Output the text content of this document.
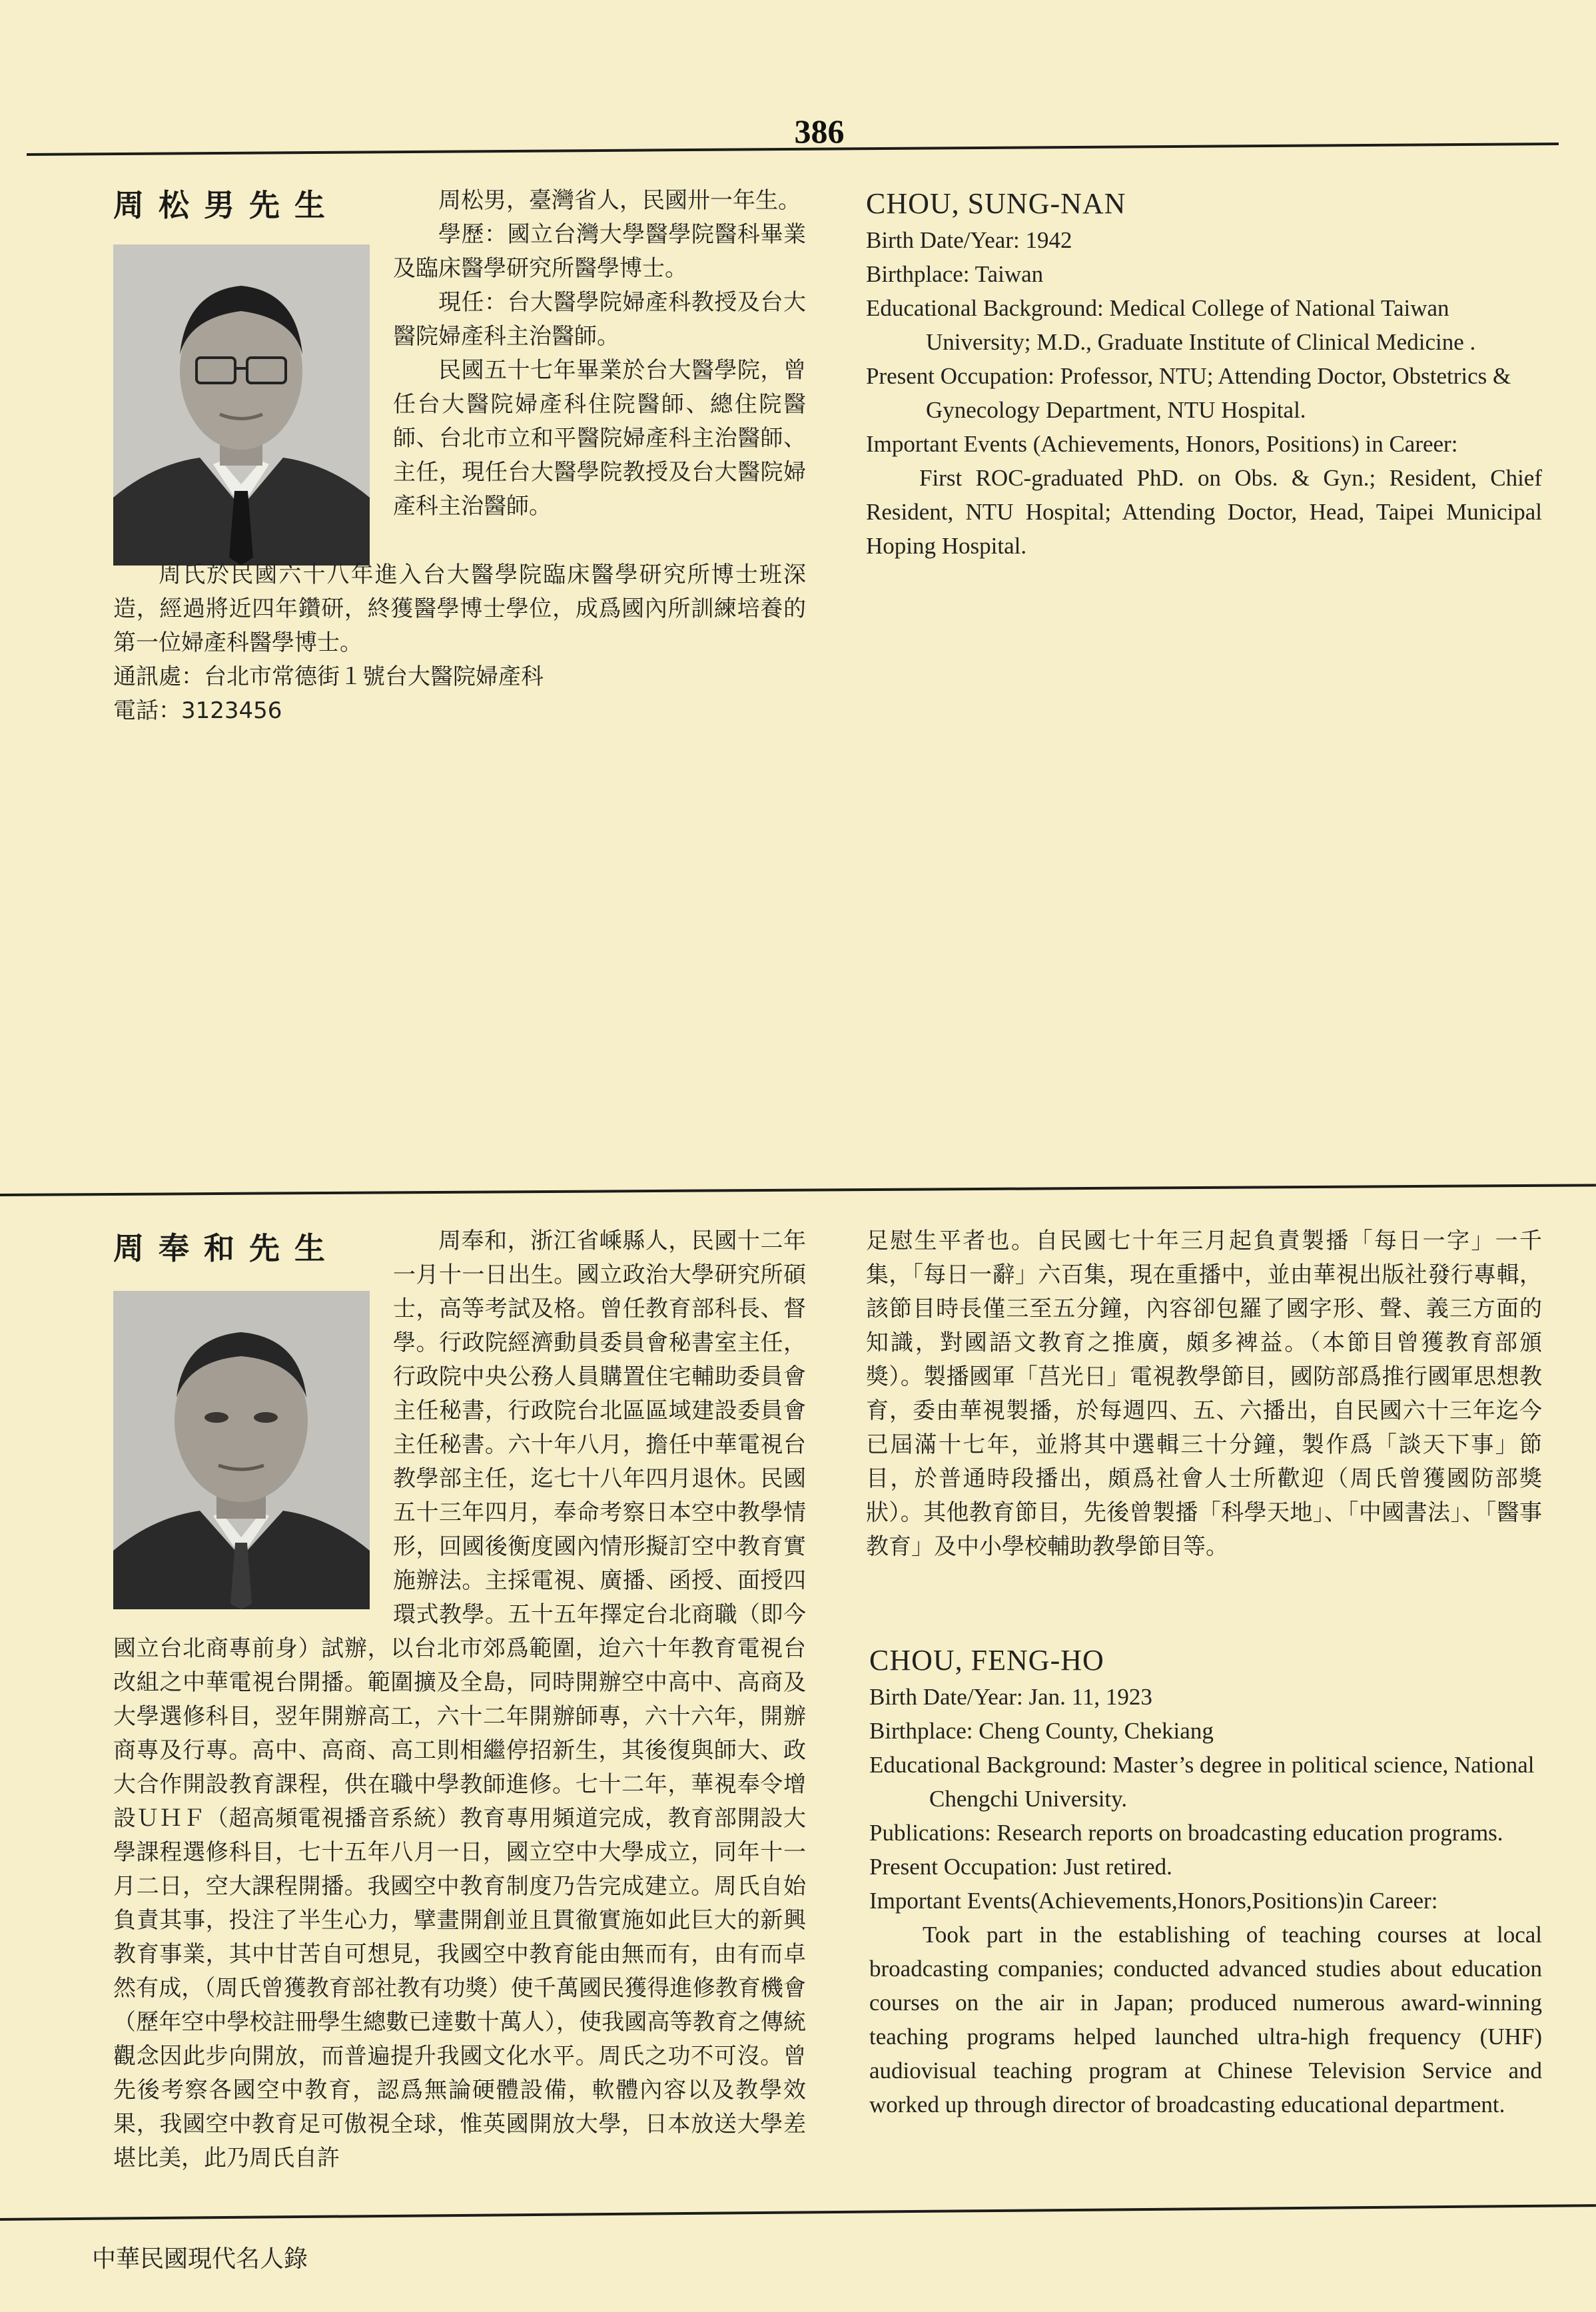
386
周松男先生	周松男，臺灣省人，民國卅一年生。

學歷：國立台灣大學醫學院醫科畢業及臨床醫學研究所醫學博士。

現任：台大醫學院婦產科教授及台大醫院婦產科主治醫師。

民國五十七年畢業於台大醫學院，曾任台大醫院婦產科住院醫師、總住院醫師、台北市立和平醫院婦產科主治醫師、主任，現任台大醫學院教授及台大醫院婦產科主治醫師。

周氏於民國六十八年進入台大醫學院臨床醫學研究所博士班深造，經過將近四年鑽研，終獲醫學博士學位，成爲國內所訓練培養的第一位婦產科醫學博士。

通訊處：台北市常德街１號台大醫院婦產科
電話：3123456
CHOU, SUNG-NAN
Birth Date/Year: 1942
Birthplace: Taiwan
Educational Background: Medical College of National Taiwan University; M.D., Graduate Institute of Clinical Medicine .
Present Occupation: Professor, NTU; Attending Doctor, Obstetrics & Gynecology Department, NTU Hospital.
Important Events (Achievements, Honors, Positions) in Career:
First ROC-graduated PhD. on Obs. & Gyn.; Resident, Chief Resident, NTU Hospital; Attending Doctor, Head, Taipei Municipal Hoping Hospital.
周奉和先生	周奉和，浙江省嵊縣人，民國十二年一月十一日出生。國立政治大學研究所碩士，高等考試及格。曾任教育部科長、督學。行政院經濟動員委員會秘書室主任，行政院中央公務人員購置住宅輔助委員會主任秘書，行政院台北區區域建設委員會主任秘書。六十年八月，擔任中華電視台教學部主任，迄七十八年四月退休。民國五十三年四月，奉命考察日本空中教學情形，回國後衡度國內情形擬訂空中教育實施辦法。主採電視、廣播、函授、面授四環式教學。五十五年擇定台北商職（即今國立台北商專前身）試辦，以台北市郊爲範圍，迨六十年教育電視台改組之中華電視台開播。範圍擴及全島，同時開辦空中高中、高商及大學選修科目，翌年開辦高工，六十二年開辦師專，六十六年，開辦商專及行專。高中、高商、高工則相繼停招新生，其後復與師大、政大合作開設教育課程，供在職中學教師進修。七十二年，華視奉令增設ＵＨＦ（超高頻電視播音系統）教育專用頻道完成，教育部開設大學課程選修科目，七十五年八月一日，國立空中大學成立，同年十一月二日，空大課程開播。我國空中教育制度乃告完成建立。周氏自始負責其事，投注了半生心力，擘畫開創並且貫徹實施如此巨大的新興教育事業，其中甘苦自可想見，我國空中教育能由無而有，由有而卓然有成，（周氏曾獲教育部社教有功獎）使千萬國民獲得進修教育機會（歷年空中學校註冊學生總數已達數十萬人），使我國高等教育之傳統觀念因此步向開放，而普遍提升我國文化水平。周氏之功不可沒。曾先後考察各國空中教育，認爲無論硬體設備，軟體內容以及教學效果，我國空中教育足可傲視全球，惟英國開放大學，日本放送大學差堪比美，此乃周氏自許

足慰生平者也。自民國七十年三月起負責製播「每日一字」一千集，「每日一辭」六百集，現在重播中，並由華視出版社發行專輯，該節目時長僅三至五分鐘，內容卻包羅了國字形、聲、義三方面的知識，對國語文教育之推廣，頗多裨益。（本節目曾獲教育部頒獎）。製播國軍「莒光日」電視教學節目，國防部爲推行國軍思想教育，委由華視製播，於每週四、五、六播出，自民國六十三年迄今已屆滿十七年，並將其中選輯三十分鐘，製作爲「談天下事」節目，於普通時段播出，頗爲社會人士所歡迎（周氏曾獲國防部獎狀）。其他教育節目，先後曾製播「科學天地」、「中國書法」、「醫事教育」及中小學校輔助教學節目等。

CHOU, FENG-HO
Birth Date/Year: Jan. 11, 1923
Birthplace: Cheng County, Chekiang
Educational Background: Master’s degree in political science, National Chengchi University.
Publications: Research reports on broadcasting education programs.
Present Occupation: Just retired.
Important Events(Achievements,Honors,Positions)in Career:
Took part in the establishing of teaching courses at local broadcasting companies; conducted advanced studies about education courses on the air in Japan; produced numerous award-winning teaching programs helped launched ultra-high frequency (UHF) audiovisual teaching program at Chinese Television Service and worked up through director of broadcasting educational department.
中華民國現代名人錄
